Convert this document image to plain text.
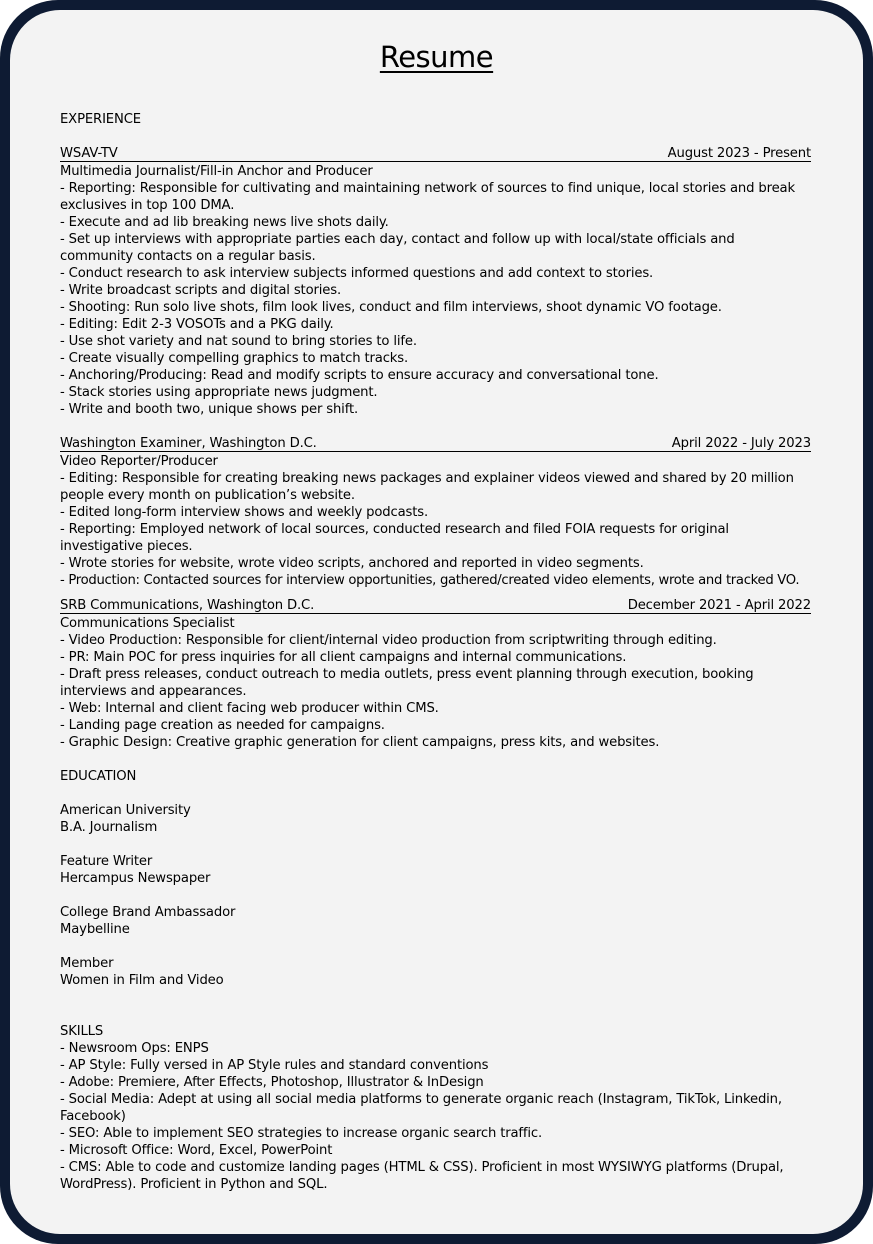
Resume
EXPERIENCE
WSAV-TV	August 2023 - Present
Multimedia Journalist/Fill-in Anchor and Producer
- Reporting: Responsible for cultivating and maintaining network of sources to find unique, local stories and break exclusives in top 100 DMA.
- Execute and ad lib breaking news live shots daily.
- Set up interviews with appropriate parties each day, contact and follow up with local/state officials and community contacts on a regular basis.
- Conduct research to ask interview subjects informed questions and add context to stories.
- Write broadcast scripts and digital stories.
- Shooting: Run solo live shots, film look lives, conduct and film interviews, shoot dynamic VO footage.
- Editing: Edit 2-3 VOSOTs and a PKG daily.
- Use shot variety and nat sound to bring stories to life.
- Create visually compelling graphics to match tracks.
- Anchoring/Producing: Read and modify scripts to ensure accuracy and conversational tone.
- Stack stories using appropriate news judgment.
- Write and booth two, unique shows per shift.
Washington Examiner, Washington D.C.	April 2022 - July 2023
Video Reporter/Producer
- Editing: Responsible for creating breaking news packages and explainer videos viewed and shared by 20 million people every month on publication’s website.
- Edited long-form interview shows and weekly podcasts.
- Reporting: Employed network of local sources, conducted research and filed FOIA requests for original investigative pieces.
- Wrote stories for website, wrote video scripts, anchored and reported in video segments.
- Production: Contacted sources for interview opportunities, gathered/created video elements, wrote and tracked VO.
SRB Communications, Washington D.C.	December 2021 - April 2022
Communications Specialist
- Video Production: Responsible for client/internal video production from scriptwriting through editing.
- PR: Main POC for press inquiries for all client campaigns and internal communications.
- Draft press releases, conduct outreach to media outlets, press event planning through execution, booking interviews and appearances.
- Web: Internal and client facing web producer within CMS.
- Landing page creation as needed for campaigns.
- Graphic Design: Creative graphic generation for client campaigns, press kits, and websites.
EDUCATION
American University
B.A. Journalism
Feature Writer
Hercampus Newspaper
College Brand Ambassador
Maybelline
Member
Women in Film and Video
SKILLS
- Newsroom Ops: ENPS
- AP Style: Fully versed in AP Style rules and standard conventions
- Adobe: Premiere, After Effects, Photoshop, Illustrator & InDesign
- Social Media: Adept at using all social media platforms to generate organic reach (Instagram, TikTok, Linkedin, Facebook)
- SEO: Able to implement SEO strategies to increase organic search traffic.
- Microsoft Office: Word, Excel, PowerPoint
- CMS: Able to code and customize landing pages (HTML & CSS). Proficient in most WYSIWYG platforms (Drupal, WordPress). Proficient in Python and SQL.
